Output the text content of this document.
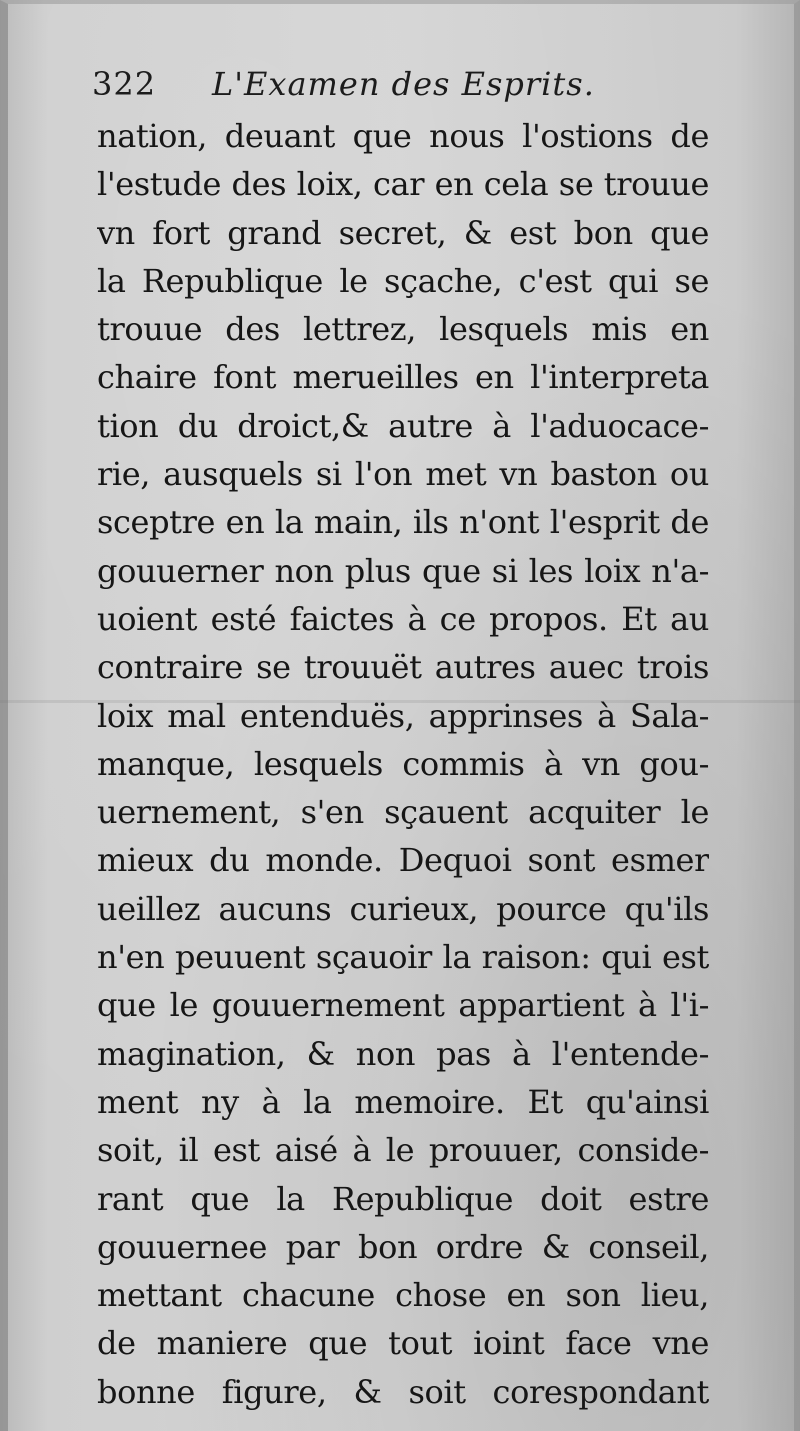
322 L'Examen des Esprits.
nation, deuant que nous l'ostions de
l'estude des loix, car en cela se trouue
vn fort grand secret, & est bon que
la Republique le sçache, c'est qui se
trouue des lettrez, lesquels mis en
chaire font merueilles en l'interpreta
tion du droict,& autre à l'aduocace-
rie, ausquels si l'on met vn baston ou
sceptre en la main, ils n'ont l'esprit de
gouuerner non plus que si les loix n'a-
uoient esté faictes à ce propos. Et au
contraire se trouuët autres auec trois
loix mal entenduës, apprinses à Sala-
manque, lesquels commis à vn gou-
uernement, s'en sçauent acquiter le
mieux du monde. Dequoi sont esmer
ueillez aucuns curieux, pource qu'ils
n'en peuuent sçauoir la raison: qui est
que le gouuernement appartient à l'i-
magination, & non pas à l'entende-
ment ny à la memoire. Et qu'ainsi
soit, il est aisé à le prouuer, conside-
rant que la Republique doit estre
gouuernee par bon ordre & conseil,
mettant chacune chose en son lieu,
de maniere que tout ioint face vne
bonne figure, & soit corespondant
